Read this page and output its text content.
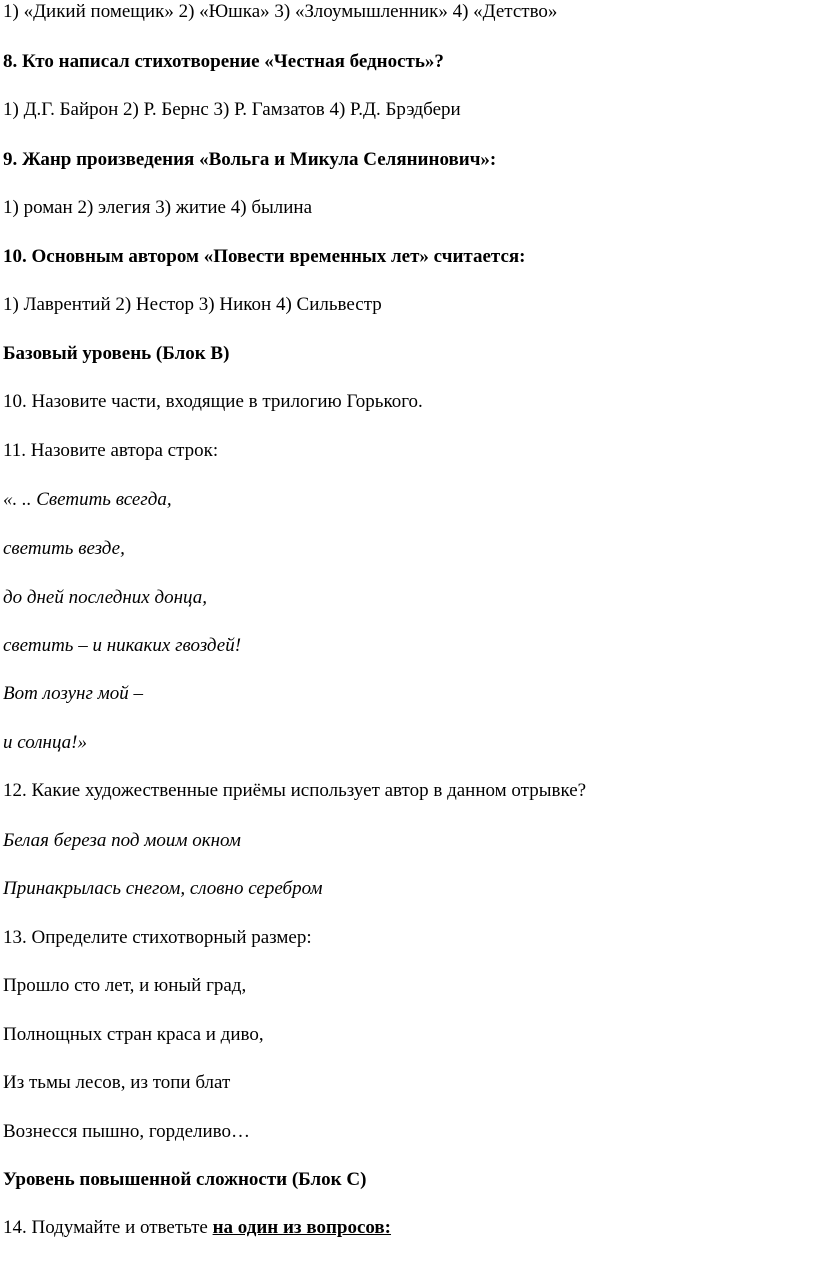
1) «Дикий помещик» 2) «Юшка» 3) «Злоумышленник» 4) «Детство»

8. Кто написал стихотворение «Честная бедность»?

1) Д.Г. Байрон 2) Р. Бернс 3) Р. Гамзатов 4) Р.Д. Брэдбери

9. Жанр произведения «Вольга и Микула Селянинович»:

1) роман 2) элегия 3) житие 4) былина

10. Основным автором «Повести временных лет» считается:

1) Лаврентий 2) Нестор 3) Никон 4) Сильвестр

Базовый уровень (Блок В)

10. Назовите части, входящие в трилогию Горького.

11. Назовите автора строк:

«. .. Светить всегда,

светить везде,

до дней последних донца,

светить – и никаких гвоздей!

Вот лозунг мой –

и солнца!»

12. Какие художественные приёмы использует автор в данном отрывке?

Белая береза под моим окном

Принакрылась снегом, словно серебром

13. Определите стихотворный размер:

Прошло сто лет, и юный град,

Полнощных стран краса и диво,

Из тьмы лесов, из топи блат

Вознесся пышно, горделиво…

Уровень повышенной сложности (Блок С)

14. Подумайте и ответьте на один из вопросов:
